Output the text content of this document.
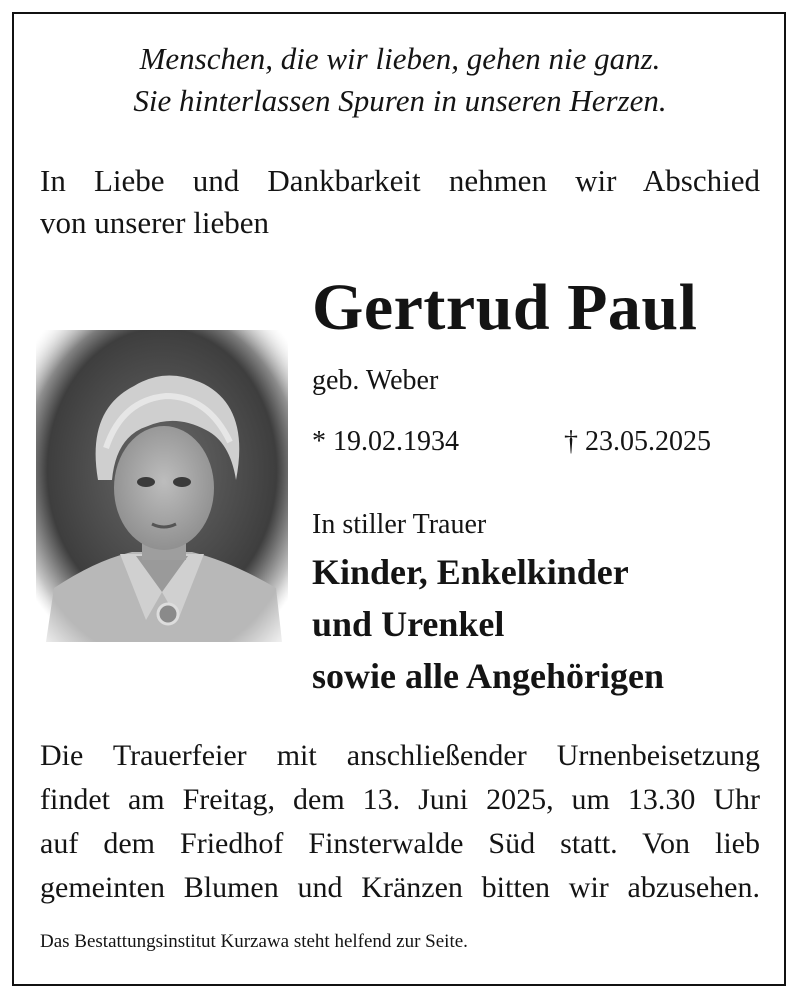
Menschen, die wir lieben, gehen nie ganz.

Sie hinterlassen Spuren in unseren Herzen.

In Liebe und Dankbarkeit nehmen wir Abschied

von unserer lieben

Gertrud Paul

geb. Weber

* 19.02.1934	† 23.05.2025

In stiller Trauer

Kinder, Enkelkinder

und Urenkel

sowie alle Angehörigen

Die Trauerfeier mit anschließender Urnenbeisetzung

findet am Freitag, dem 13. Juni 2025, um 13.30 Uhr

auf dem Friedhof Finsterwalde Süd statt. Von lieb

gemeinten Blumen und Kränzen bitten wir abzusehen.

Das Bestattungsinstitut Kurzawa steht helfend zur Seite.
